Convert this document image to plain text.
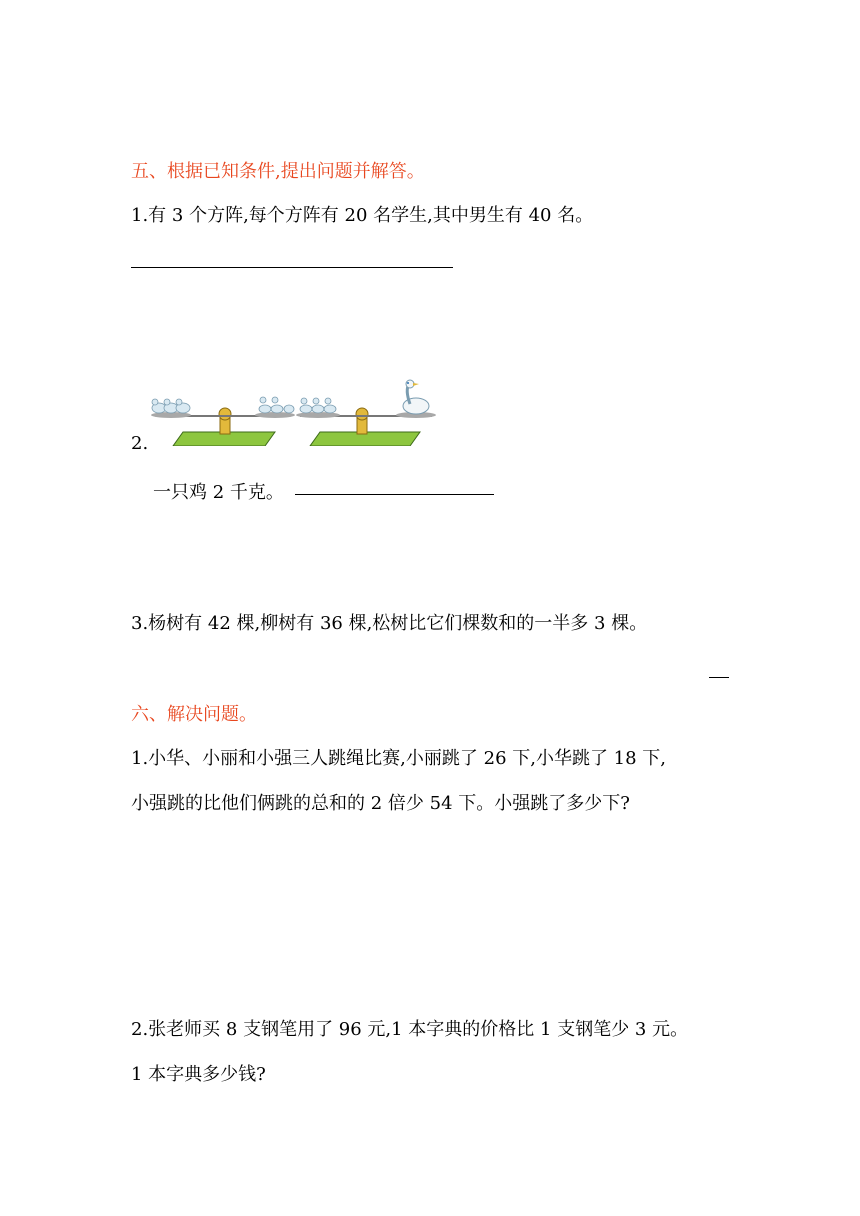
五、根据已知条件,提出问题并解答。
1.有 3 个方阵,每个方阵有 20 名学生,其中男生有 40 名。
2.
一只鸡 2 千克。
3.杨树有 42 棵,柳树有 36 棵,松树比它们棵数和的一半多 3 棵。
六、解决问题。
1.小华、小丽和小强三人跳绳比赛,小丽跳了 26 下,小华跳了 18 下,
小强跳的比他们俩跳的总和的 2 倍少 54 下。小强跳了多少下?
2.张老师买 8 支钢笔用了 96 元,1 本字典的价格比 1 支钢笔少 3 元。
1 本字典多少钱?
